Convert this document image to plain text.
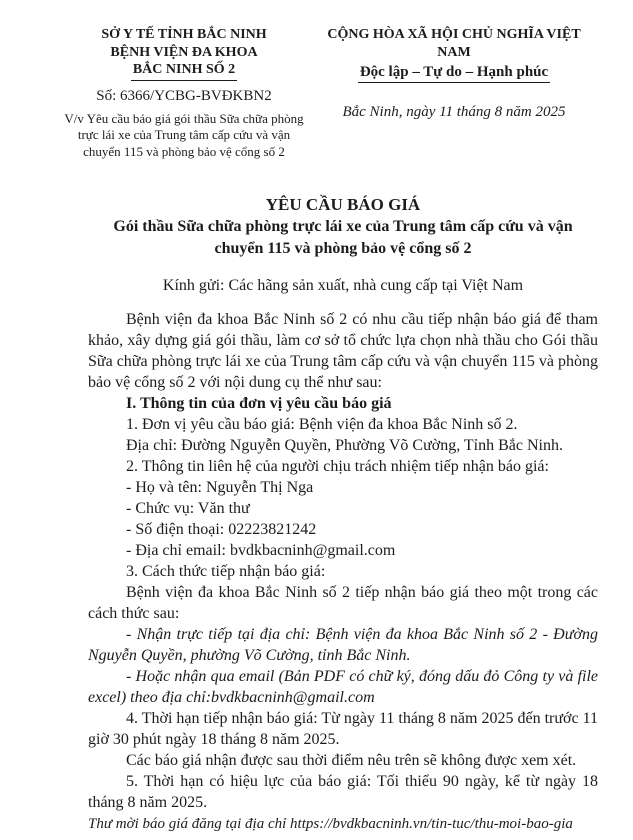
SỞ Y TẾ TỈNH BẮC NINH
BỆNH VIỆN ĐA KHOA
BẮC NINH SỐ 2
Số: 6366/YCBG-BVĐKBN2
V/v Yêu cầu báo giá gói thầu Sữa chữa phòng trực lái xe của Trung tâm cấp cứu và vận chuyển 115 và phòng bảo vệ cổng số 2
CỘNG HÒA XÃ HỘI CHỦ NGHĨA VIỆT NAM
Độc lập – Tự do – Hạnh phúc
Bắc Ninh, ngày 11 tháng 8 năm 2025
YÊU CẦU BÁO GIÁ
Gói thầu Sữa chữa phòng trực lái xe của Trung tâm cấp cứu và vận chuyển 115 và phòng bảo vệ cổng số 2
Kính gửi: Các hãng sản xuất, nhà cung cấp tại Việt Nam

Bệnh viện đa khoa Bắc Ninh số 2 có nhu cầu tiếp nhận báo giá để tham khảo, xây dựng giá gói thầu, làm cơ sở tổ chức lựa chọn nhà thầu cho Gói thầu Sữa chữa phòng trực lái xe của Trung tâm cấp cứu và vận chuyển 115 và phòng bảo vệ cổng số 2 với nội dung cụ thể như sau:

I. Thông tin của đơn vị yêu cầu báo giá

1. Đơn vị yêu cầu báo giá: Bệnh viện đa khoa Bắc Ninh số 2.

Địa chỉ: Đường Nguyễn Quyền, Phường Võ Cường, Tỉnh Bắc Ninh.

2. Thông tin liên hệ của người chịu trách nhiệm tiếp nhận báo giá:

- Họ và tên: Nguyễn Thị Nga

- Chức vụ: Văn thư

- Số điện thoại: 02223821242

- Địa chỉ email: bvdkbacninh@gmail.com

3. Cách thức tiếp nhận báo giá:

Bệnh viện đa khoa Bắc Ninh số 2 tiếp nhận báo giá theo một trong các cách thức sau:

- Nhận trực tiếp tại địa chỉ: Bệnh viện đa khoa Bắc Ninh số 2 - Đường Nguyễn Quyền, phường Võ Cường, tỉnh Bắc Ninh.

- Hoặc nhận qua email (Bản PDF có chữ ký, đóng dấu đỏ Công ty và file excel) theo địa chỉ:bvdkbacninh@gmail.com

4. Thời hạn tiếp nhận báo giá: Từ ngày 11 tháng 8 năm 2025 đến trước 11 giờ 30 phút ngày 18 tháng 8 năm 2025.

Các báo giá nhận được sau thời điểm nêu trên sẽ không được xem xét.

5. Thời hạn có hiệu lực của báo giá: Tối thiểu 90 ngày, kể từ ngày 18 tháng 8 năm 2025.

Thư mời báo giá đăng tại địa chỉ https://bvdkbacninh.vn/tin-tuc/thu-moi-bao-gia
